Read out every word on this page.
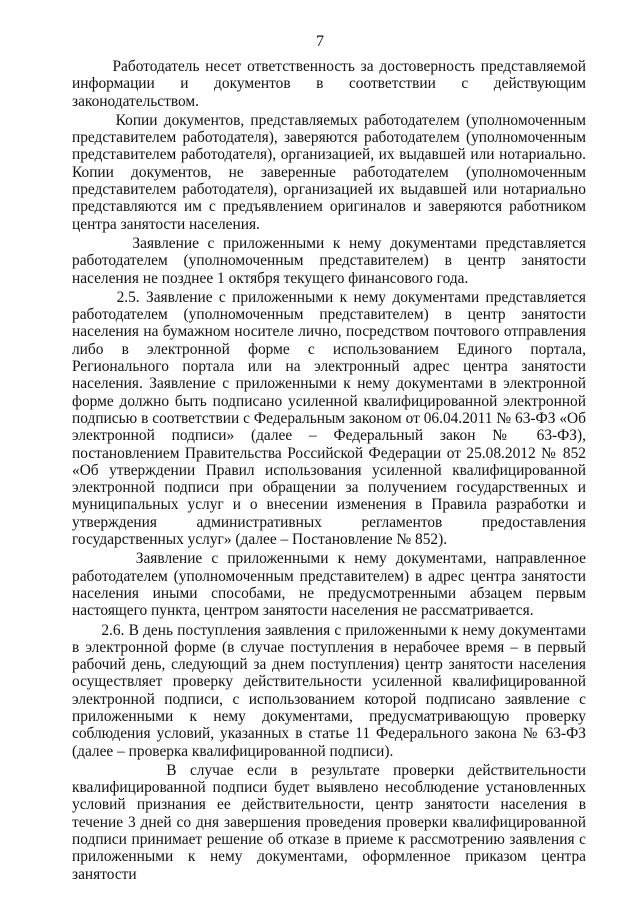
7

Работодатель несет ответственность за достоверность представляемой информации и документов в соответствии с действующим законодательством.

Копии документов, представляемых работодателем (уполномоченным представителем работодателя), заверяются работодателем (уполномоченным представителем работодателя), организацией, их выдавшей или нотариально. Копии документов, не заверенные работодателем (уполномоченным представителем работодателя), организацией их выдавшей или нотариально представляются им с предъявлением оригиналов и заверяются работником центра занятости населения.

Заявление с приложенными к нему документами представляется работодателем (уполномоченным представителем) в центр занятости населения не позднее 1 октября текущего финансового года.

2.5. Заявление с приложенными к нему документами представляется работодателем (уполномоченным представителем) в центр занятости населения на бумажном носителе лично, посредством почтового отправления либо в электронной форме с использованием Единого портала, Регионального портала или на электронный адрес центра занятости населения. Заявление с приложенными к нему документами в электронной форме должно быть подписано усиленной квалифицированной электронной подписью в соответствии с Федеральным законом от 06.04.2011 № 63-ФЗ «Об электронной подписи» (далее – Федеральный закон № 63-ФЗ), постановлением Правительства Российской Федерации от 25.08.2012 № 852 «Об утверждении Правил использования усиленной квалифицированной электронной подписи при обращении за получением государственных и муниципальных услуг и о внесении изменения в Правила разработки и утверждения административных регламентов предоставления государственных услуг» (далее – Постановление № 852).

Заявление с приложенными к нему документами, направленное работодателем (уполномоченным представителем) в адрес центра занятости населения иными способами, не предусмотренными абзацем первым настоящего пункта, центром занятости населения не рассматривается.

2.6. В день поступления заявления с приложенными к нему документами в электронной форме (в случае поступления в нерабочее время – в первый рабочий день, следующий за днем поступления) центр занятости населения осуществляет проверку действительности усиленной квалифицированной электронной подписи, с использованием которой подписано заявление с приложенными к нему документами, предусматривающую проверку соблюдения условий, указанных в статье 11 Федерального закона № 63-ФЗ (далее – проверка квалифицированной подписи).

В случае если в результате проверки действительности квалифицированной подписи будет выявлено несоблюдение установленных условий признания ее действительности, центр занятости населения в течение 3 дней со дня завершения проведения проверки квалифицированной подписи принимает решение об отказе в приеме к рассмотрению заявления с приложенными к нему документами, оформленное приказом центра занятости
